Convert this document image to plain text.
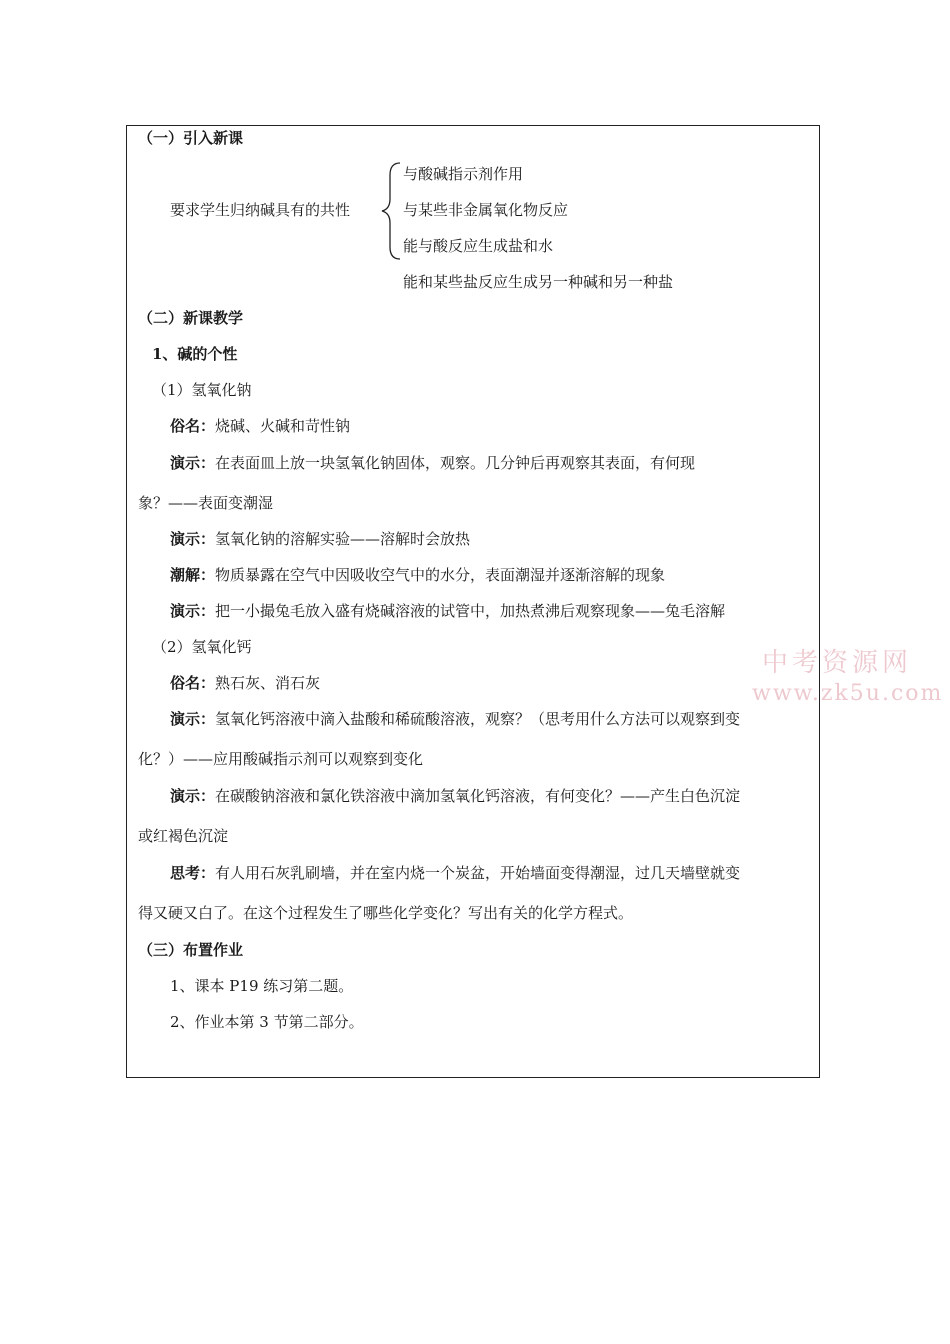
（一）引入新课
要求学生归纳碱具有的共性
与酸碱指示剂作用
与某些非金属氧化物反应
能与酸反应生成盐和水
能和某些盐反应生成另一种碱和另一种盐
（二）新课教学
1、碱的个性
（1）氢氧化钠
俗名：烧碱、火碱和苛性钠
演示：在表面皿上放一块氢氧化钠固体，观察。几分钟后再观察其表面，有何现
象？——表面变潮湿
演示：氢氧化钠的溶解实验——溶解时会放热
潮解：物质暴露在空气中因吸收空气中的水分，表面潮湿并逐渐溶解的现象
演示：把一小撮兔毛放入盛有烧碱溶液的试管中，加热煮沸后观察现象——兔毛溶解
（2）氢氧化钙
俗名：熟石灰、消石灰
演示：氢氧化钙溶液中滴入盐酸和稀硫酸溶液，观察？（思考用什么方法可以观察到变
化？）——应用酸碱指示剂可以观察到变化
演示：在碳酸钠溶液和氯化铁溶液中滴加氢氧化钙溶液，有何变化？——产生白色沉淀
或红褐色沉淀
思考：有人用石灰乳刷墙，并在室内烧一个炭盆，开始墙面变得潮湿，过几天墙壁就变
得又硬又白了。在这个过程发生了哪些化学变化？写出有关的化学方程式。
（三）布置作业
1、课本 P19 练习第二题。
2、作业本第 3 节第二部分。
中考资源网
www.zk5u.com
